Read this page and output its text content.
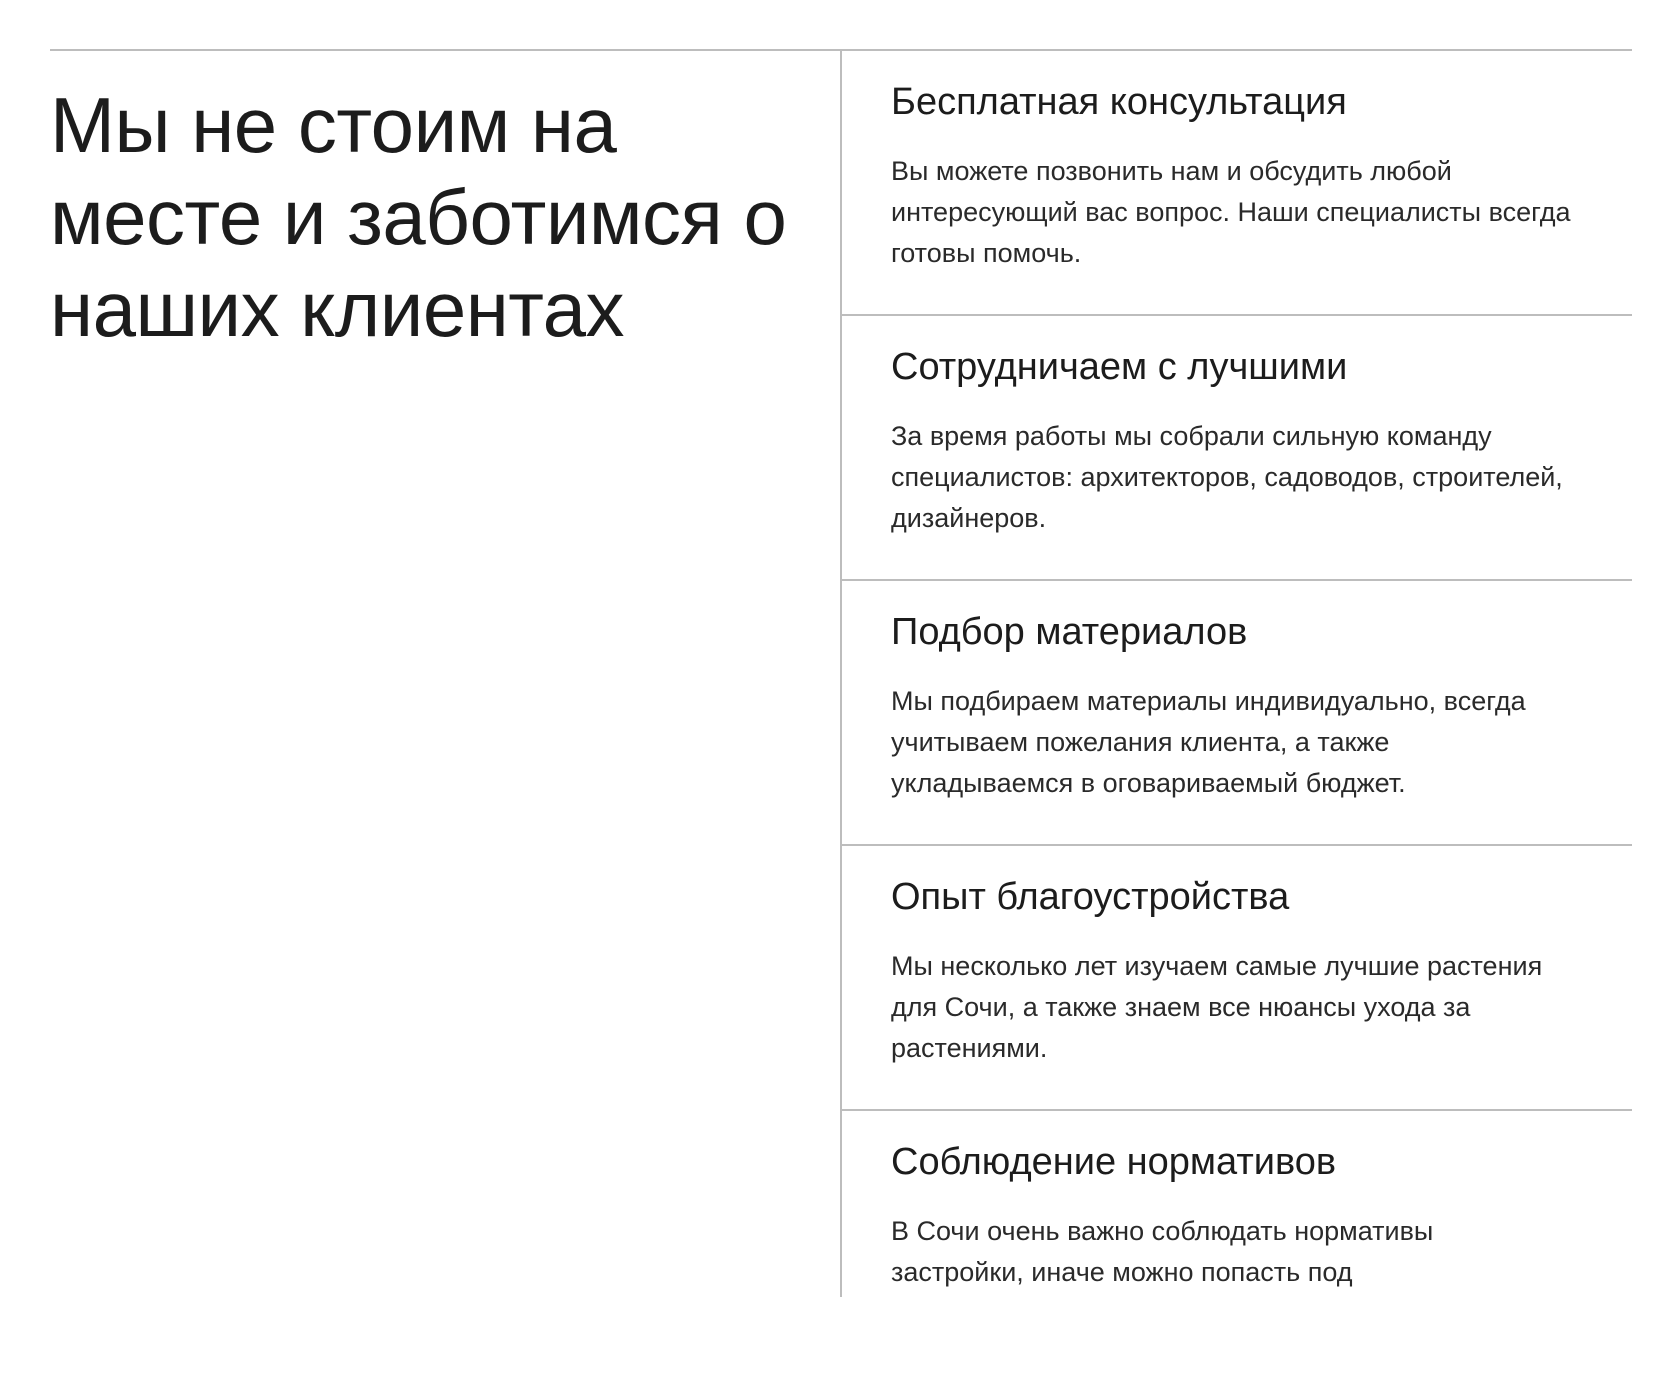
Мы не стоим на месте и заботимся о наших клиентах
Бесплатная консультация

Вы можете позвонить нам и обсудить любой интересующий вас вопрос. Наши специалисты всегда готовы помочь.

Сотрудничаем с лучшими

За время работы мы собрали сильную команду специалистов: архитекторов, садоводов, строителей, дизайнеров.

Подбор материалов

Мы подбираем материалы индивидуально, всегда учитываем пожелания клиента, а также укладываемся в оговариваемый бюджет.

Опыт благоустройства

Мы несколько лет изучаем самые лучшие растения для Сочи, а также знаем все нюансы ухода за растениями.

Соблюдение нормативов

В Сочи очень важно соблюдать нормативы застройки, иначе можно попасть под
